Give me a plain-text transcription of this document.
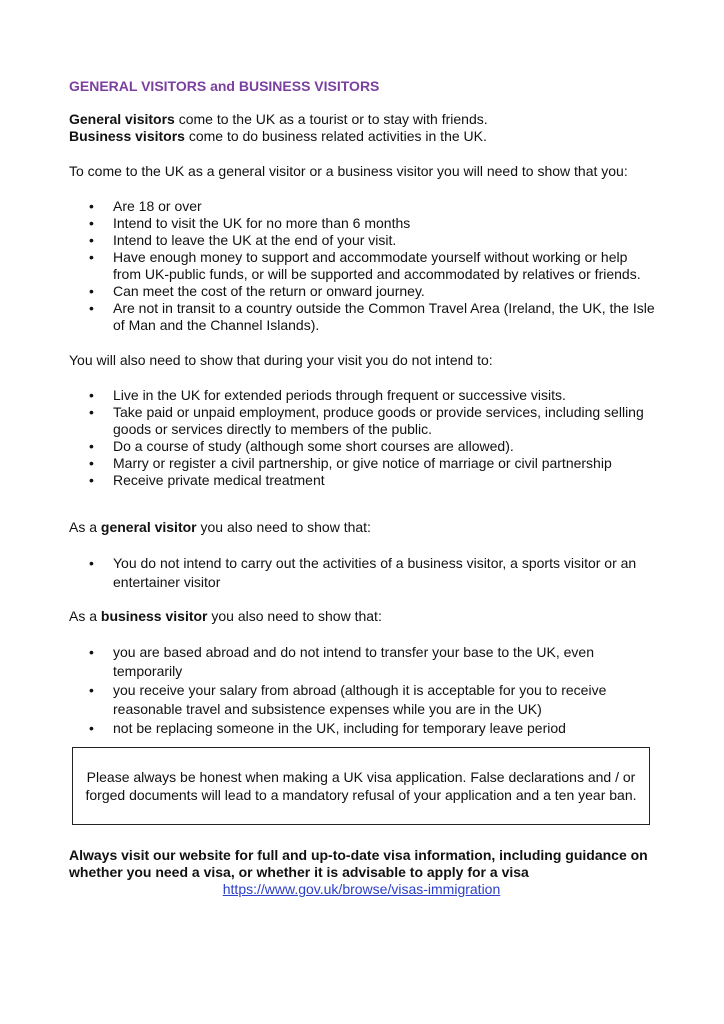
GENERAL VISITORS and BUSINESS VISITORS

General visitors come to the UK as a tourist or to stay with friends.

Business visitors come to do business related activities in the UK.

To come to the UK as a general visitor or a business visitor you will need to show that you:

• Are 18 or over
• Intend to visit the UK for no more than 6 months
• Intend to leave the UK at the end of your visit.
• Have enough money to support and accommodate yourself without working or help from UK-public funds, or will be supported and accommodated by relatives or friends.
• Can meet the cost of the return or onward journey.
• Are not in transit to a country outside the Common Travel Area (Ireland, the UK, the Isle of Man and the Channel Islands).

You will also need to show that during your visit you do not intend to:

• Live in the UK for extended periods through frequent or successive visits.
• Take paid or unpaid employment, produce goods or provide services, including selling goods or services directly to members of the public.
• Do a course of study (although some short courses are allowed).
• Marry or register a civil partnership, or give notice of marriage or civil partnership
• Receive private medical treatment

As a general visitor you also need to show that:

• You do not intend to carry out the activities of a business visitor, a sports visitor or an entertainer visitor

As a business visitor you also need to show that:

• you are based abroad and do not intend to transfer your base to the UK, even temporarily
• you receive your salary from abroad (although it is acceptable for you to receive reasonable travel and subsistence expenses while you are in the UK)
• not be replacing someone in the UK, including for temporary leave period
Please always be honest when making a UK visa application. False declarations and / or forged documents will lead to a mandatory refusal of your application and a ten year ban.
Always visit our website for full and up-to-date visa information, including guidance on whether you need a visa, or whether it is advisable to apply for a visa
https://www.gov.uk/browse/visas-immigration
